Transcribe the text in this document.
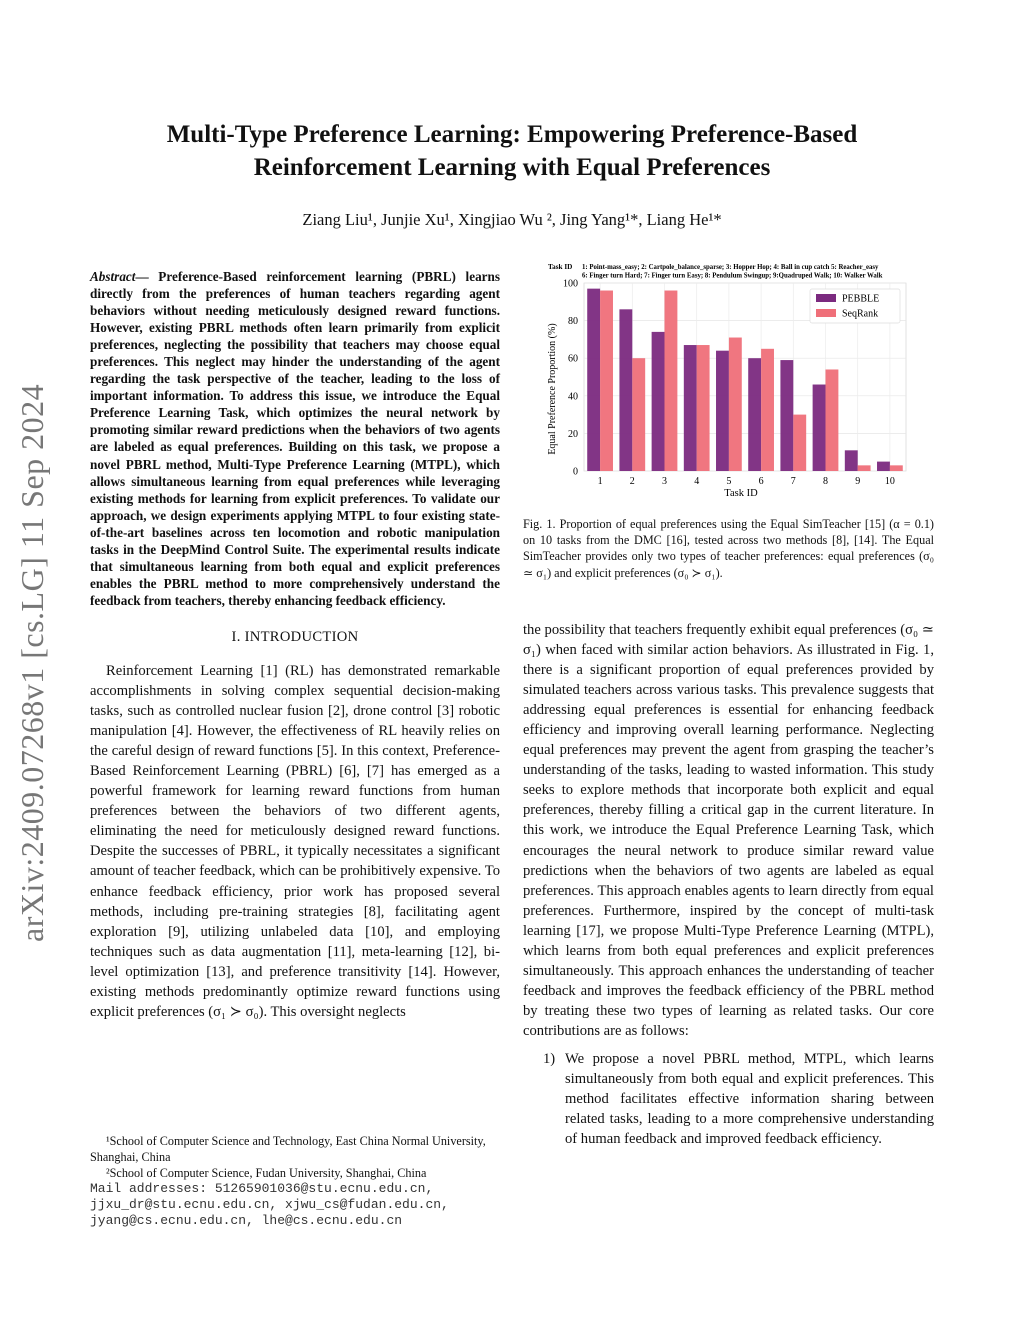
arXiv:2409.07268v1 [cs.LG] 11 Sep 2024
Multi-Type Preference Learning: Empowering Preference-Based
Reinforcement Learning with Equal Preferences
Ziang Liu¹, Junjie Xu¹, Xingjiao Wu ², Jing Yang¹*, Liang He¹*

Abstract— Preference-Based reinforcement learning (PBRL) learns directly from the preferences of human teachers regarding agent behaviors without needing meticulously designed reward functions. However, existing PBRL methods often learn primarily from explicit preferences, neglecting the possibility that teachers may choose equal preferences. This neglect may hinder the understanding of the agent regarding the task perspective of the teacher, leading to the loss of important information. To address this issue, we introduce the Equal Preference Learning Task, which optimizes the neural network by promoting similar reward predictions when the behaviors of two agents are labeled as equal preferences. Building on this task, we propose a novel PBRL method, Multi-Type Preference Learning (MTPL), which allows simultaneous learning from equal preferences while leveraging existing methods for learning from explicit preferences. To validate our approach, we design experiments applying MTPL to four existing state-of-the-art baselines across ten locomotion and robotic manipulation tasks in the DeepMind Control Suite. The experimental results indicate that simultaneous learning from both equal and explicit preferences enables the PBRL method to more comprehensively understand the feedback from teachers, thereby enhancing feedback efficiency.

I. INTRODUCTION

Reinforcement Learning [1] (RL) has demonstrated remarkable accomplishments in solving complex sequential decision-making tasks, such as controlled nuclear fusion [2], drone control [3] robotic manipulation [4]. However, the effectiveness of RL heavily relies on the careful design of reward functions [5]. In this context, Preference-Based Reinforcement Learning (PBRL) [6], [7] has emerged as a powerful framework for learning reward functions from human preferences between the behaviors of two different agents, eliminating the need for meticulously designed reward functions. Despite the successes of PBRL, it typically necessitates a significant amount of teacher feedback, which can be prohibitively expensive. To enhance feedback efficiency, prior work has proposed several methods, including pre-training strategies [8], facilitating agent exploration [9], utilizing unlabeled data [10], and employing techniques such as data augmentation [11], meta-learning [12], bi-level optimization [13], and preference transitivity [14]. However, existing methods predominantly optimize reward functions using explicit preferences (σ₁ ≻ σ₀). This oversight neglects

¹School of Computer Science and Technology, East China Normal University, Shanghai, China
²School of Computer Science, Fudan University, Shanghai, China
Mail addresses: 51265901036@stu.ecnu.edu.cn,
jjxu_dr@stu.ecnu.edu.cn, xjwu_cs@fudan.edu.cn,
jyang@cs.ecnu.edu.cn, lhe@cs.ecnu.edu.cn
Task ID 1: Point-mass_easy; 2: Cartpole_balance_sparse; 3: Hopper Hop; 4: Ball in cup catch 5: Reacher_easy
6: Finger turn Hard; 7: Finger turn Easy; 8: Pendulum Swingup; 9:Quadruped Walk; 10: Walker Walk
0
20
40
60
80
100
1	2	3	4	5	6	7	8	9 10
PEBBLE
SeqRank
Equal Preference Proportion (%)
Task ID
Fig. 1. Proportion of equal preferences using the Equal SimTeacher [15] (α = 0.1) on 10 tasks from the DMC [16], tested across two methods [8], [14]. The Equal SimTeacher provides only two types of teacher preferences: equal preferences (σ₀ ≃ σ₁) and explicit preferences (σ₀ ≻ σ₁).

the possibility that teachers frequently exhibit equal preferences (σ₀ ≃ σ₁) when faced with similar action behaviors. As illustrated in Fig. 1, there is a significant proportion of equal preferences provided by simulated teachers across various tasks. This prevalence suggests that addressing equal preferences is essential for enhancing feedback efficiency and improving overall learning performance. Neglecting equal preferences may prevent the agent from grasping the teacher’s understanding of the tasks, leading to wasted information. This study seeks to explore methods that incorporate both explicit and equal preferences, thereby filling a critical gap in the current literature. In this work, we introduce the Equal Preference Learning Task, which encourages the neural network to produce similar reward value predictions when the behaviors of two agents are labeled as equal preferences. This approach enables agents to learn directly from equal preferences. Furthermore, inspired by the concept of multi-task learning [17], we propose Multi-Type Preference Learning (MTPL), which learns from both equal preferences and explicit preferences simultaneously. This approach enhances the understanding of teacher feedback and improves the feedback efficiency of the PBRL method by treating these two types of learning as related tasks. Our core contributions are as follows:

1) We propose a novel PBRL method, MTPL, which learns simultaneously from both equal and explicit preferences. This method facilitates effective information sharing between related tasks, leading to a more comprehensive understanding of human feedback and improved feedback efficiency.
